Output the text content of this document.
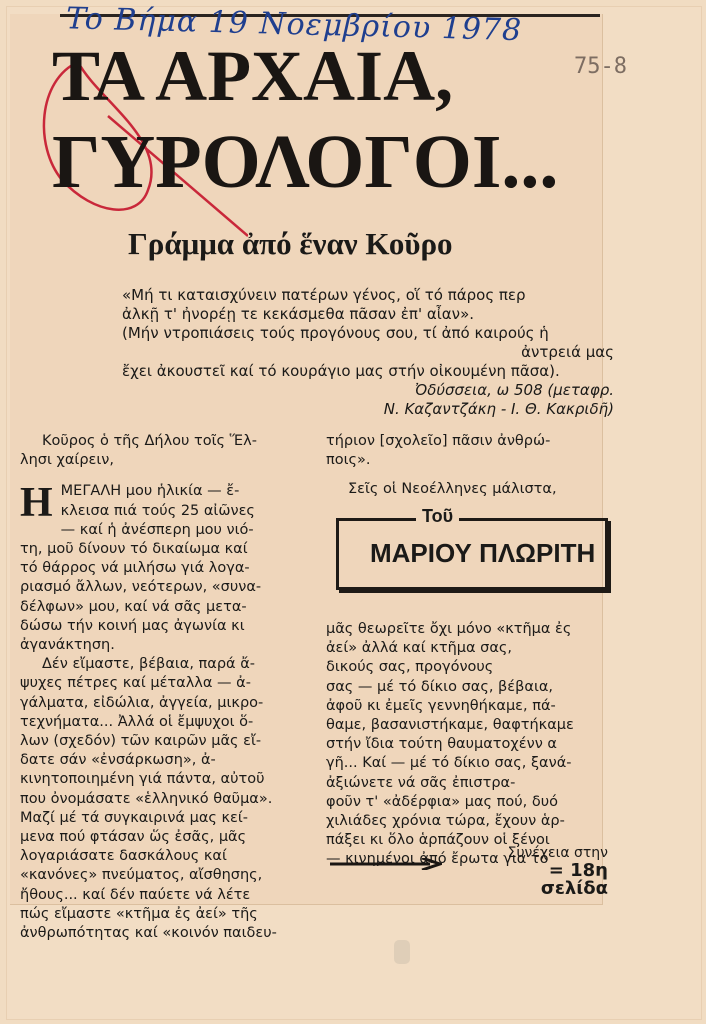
To Βήμα 19 Νοεμβρίου 1978
75-8
ΤΑ ΑΡΧΑΙΑ,
ΓΥΡΟΛΟΓΟΙ...
Γράμμα ἀπό ἕναν Κοῦρο
«Μή τι καταισχύνειν πατέρων γένος, οἵ τό πάρος περ
ἀλκῇ τ' ἠνορέῃ τε κεκάσμεθα πᾶσαν ἐπ' αἶαν».
(Μήν ντροπιάσεις τούς προγόνους σου, τί ἀπό καιρούς ἡ
ἀντρειά μας
ἔχει ἀκουστεῖ καί τό κουράγιο μας στήν οἰκουμένη πᾶσα).
Ὀδύσσεια, ω 508 (μεταφρ.
Ν. Καζαντζάκη - Ι. Θ. Κακριδῆ)
Κοῦρος ὁ τῆς Δήλου τοῖς Ἕλ-
λησι χαίρειν,
Η ΜΕΓΑΛΗ μου ἡλικία — ἔ-
κλεισα πιά τούς 25 αἰῶνες
— καί ἡ ἀνέσπερη μου νιό-
τη, μοῦ δίνουν τό δικαίωμα καί
τό θάρρος νά μιλήσω γιά λογα-
ριασμό ἄλλων, νεότερων, «συνα-
δέλφων» μου, καί νά σᾶς μετα-
δώσω τήν κοινή μας ἀγωνία κι
ἀγανάκτηση.
Δέν εἴμαστε, βέβαια, παρά ἄ-
ψυχες πέτρες καί μέταλλα — ἀ-
γάλματα, εἰδώλια, ἀγγεία, μικρο-
τεχνήματα... Ἀλλά οἱ ἔμψυχοι ὅ-
λων (σχεδόν) τῶν καιρῶν μᾶς εἴ-
δατε σάν «ἐνσάρκωση», ἀ-
κινητοποιημένη γιά πάντα, αὐτοῦ
που ὀνομάσατε «ἑλληνικό θαῦμα».
Μαζί μέ τά συγκαιρινά μας κεί-
μενα πού φτάσαν ὥς ἐσᾶς, μᾶς
λογαριάσατε δασκάλους καί
«κανόνες» πνεύματος, αἴσθησης,
ἤθους... καί δέν παύετε νά λέτε
πώς εἴμαστε «κτῆμα ἐς ἀεί» τῆς
ἀνθρωπότητας καί «κοινόν παιδευ-
τήριον [σχολεῖο] πᾶσιν ἀνθρώ-
ποις».
Σεῖς οἱ Νεοέλληνες μάλιστα,
Τοῦ
ΜΑΡΙΟΥ ΠΛΩΡΙΤΗ
μᾶς θεωρεῖτε ὄχι μόνο «κτῆμα ἐς
ἀεί» ἀλλά καί κτῆμα σας,
δικούς σας, προγόνους
σας — μέ τό δίκιο σας, βέβαια,
ἀφοῦ κι ἐμεῖς γεννηθήκαμε, πά-
θαμε, βασανιστήκαμε, θαφτήκαμε
στήν ἴδια τούτη θαυματοχένν α
γῆ... Καί — μέ τό δίκιο σας, ξανά-
ἀξιώνετε νά σᾶς ἐπιστρα-
φοῦν τ' «ἀδέρφια» μας πού, δυό
χιλιάδες χρόνια τώρα, ἔχουν ἁρ-
πάξει κι ὅλο ἁρπάζουν οἱ ξένοι
— κινημένοι ἀπό ἔρωτα για τό
Συνέχεια στην
= 18η σελίδα
